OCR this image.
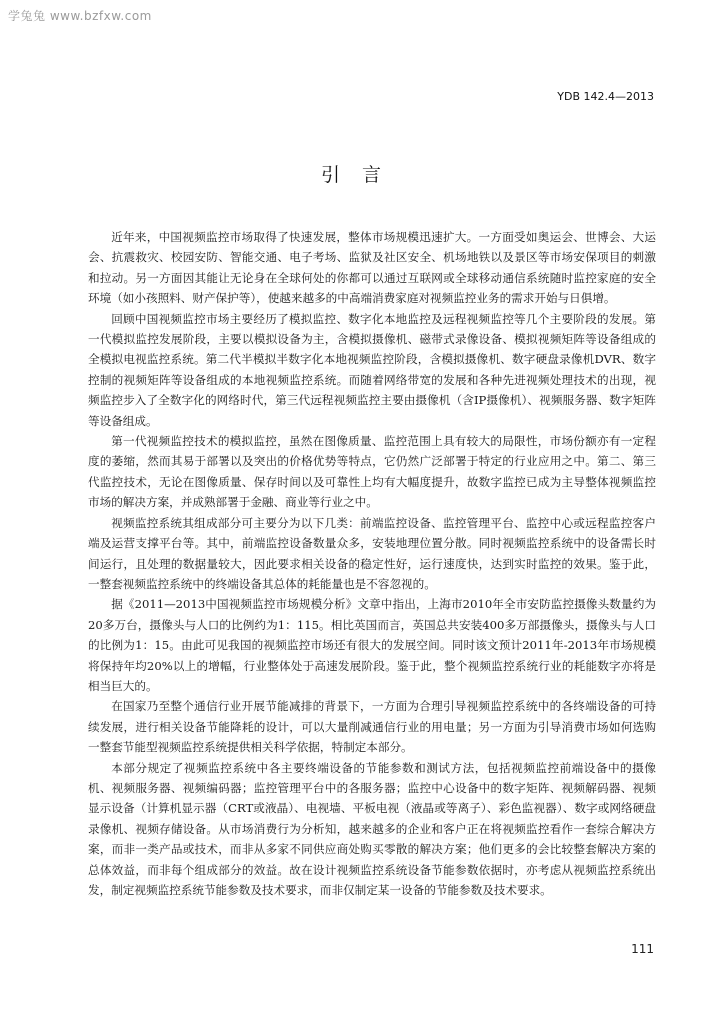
学兔兔 www.bzfxw.com
YDB 142.4—2013
引言

近年来，中国视频监控市场取得了快速发展，整体市场规模迅速扩大。一方面受如奥运会、世博会、大运会、抗震救灾、校园安防、智能交通、电子考场、监狱及社区安全、机场地铁以及景区等市场安保项目的刺激和拉动。另一方面因其能让无论身在全球何处的你都可以通过互联网或全球移动通信系统随时监控家庭的安全环境（如小孩照料、财产保护等），使越来越多的中高端消费家庭对视频监控业务的需求开始与日俱增。

回顾中国视频监控市场主要经历了模拟监控、数字化本地监控及远程视频监控等几个主要阶段的发展。第一代模拟监控发展阶段，主要以模拟设备为主，含模拟摄像机、磁带式录像设备、模拟视频矩阵等设备组成的全模拟电视监控系统。第二代半模拟半数字化本地视频监控阶段，含模拟摄像机、数字硬盘录像机DVR、数字控制的视频矩阵等设备组成的本地视频监控系统。而随着网络带宽的发展和各种先进视频处理技术的出现，视频监控步入了全数字化的网络时代，第三代远程视频监控主要由摄像机（含IP摄像机）、视频服务器、数字矩阵等设备组成。

第一代视频监控技术的模拟监控，虽然在图像质量、监控范围上具有较大的局限性，市场份额亦有一定程度的萎缩，然而其易于部署以及突出的价格优势等特点，它仍然广泛部署于特定的行业应用之中。第二、第三代监控技术，无论在图像质量、保存时间以及可靠性上均有大幅度提升，故数字监控已成为主导整体视频监控市场的解决方案，并成熟部署于金融、商业等行业之中。

视频监控系统其组成部分可主要分为以下几类：前端监控设备、监控管理平台、监控中心或远程监控客户端及运营支撑平台等。其中，前端监控设备数量众多，安装地理位置分散。同时视频监控系统中的设备需长时间运行，且处理的数据量较大，因此要求相关设备的稳定性好，运行速度快，达到实时监控的效果。鉴于此，一整套视频监控系统中的终端设备其总体的耗能量也是不容忽视的。

据《2011—2013中国视频监控市场规模分析》文章中指出，上海市2010年全市安防监控摄像头数量约为20多万台，摄像头与人口的比例约为1：115。相比英国而言，英国总共安装400多万部摄像头，摄像头与人口的比例为1：15。由此可见我国的视频监控市场还有很大的发展空间。同时该文预计2011年-2013年市场规模将保持年均20%以上的增幅，行业整体处于高速发展阶段。鉴于此，整个视频监控系统行业的耗能数字亦将是相当巨大的。

在国家乃至整个通信行业开展节能减排的背景下，一方面为合理引导视频监控系统中的各终端设备的可持续发展，进行相关设备节能降耗的设计，可以大量削减通信行业的用电量；另一方面为引导消费市场如何选购一整套节能型视频监控系统提供相关科学依据，特制定本部分。

本部分规定了视频监控系统中各主要终端设备的节能参数和测试方法，包括视频监控前端设备中的摄像机、视频服务器、视频编码器；监控管理平台中的各服务器；监控中心设备中的数字矩阵、视频解码器、视频显示设备（计算机显示器（CRT或液晶）、电视墙、平板电视（液晶或等离子）、彩色监视器）、数字或网络硬盘录像机、视频存储设备。从市场消费行为分析知，越来越多的企业和客户正在将视频监控看作一套综合解决方案，而非一类产品或技术，而非从多家不同供应商处购买零散的解决方案；他们更多的会比较整套解决方案的总体效益，而非每个组成部分的效益。故在设计视频监控系统设备节能参数依据时，亦考虑从视频监控系统出发，制定视频监控系统节能参数及技术要求，而非仅制定某一设备的节能参数及技术要求。

111
